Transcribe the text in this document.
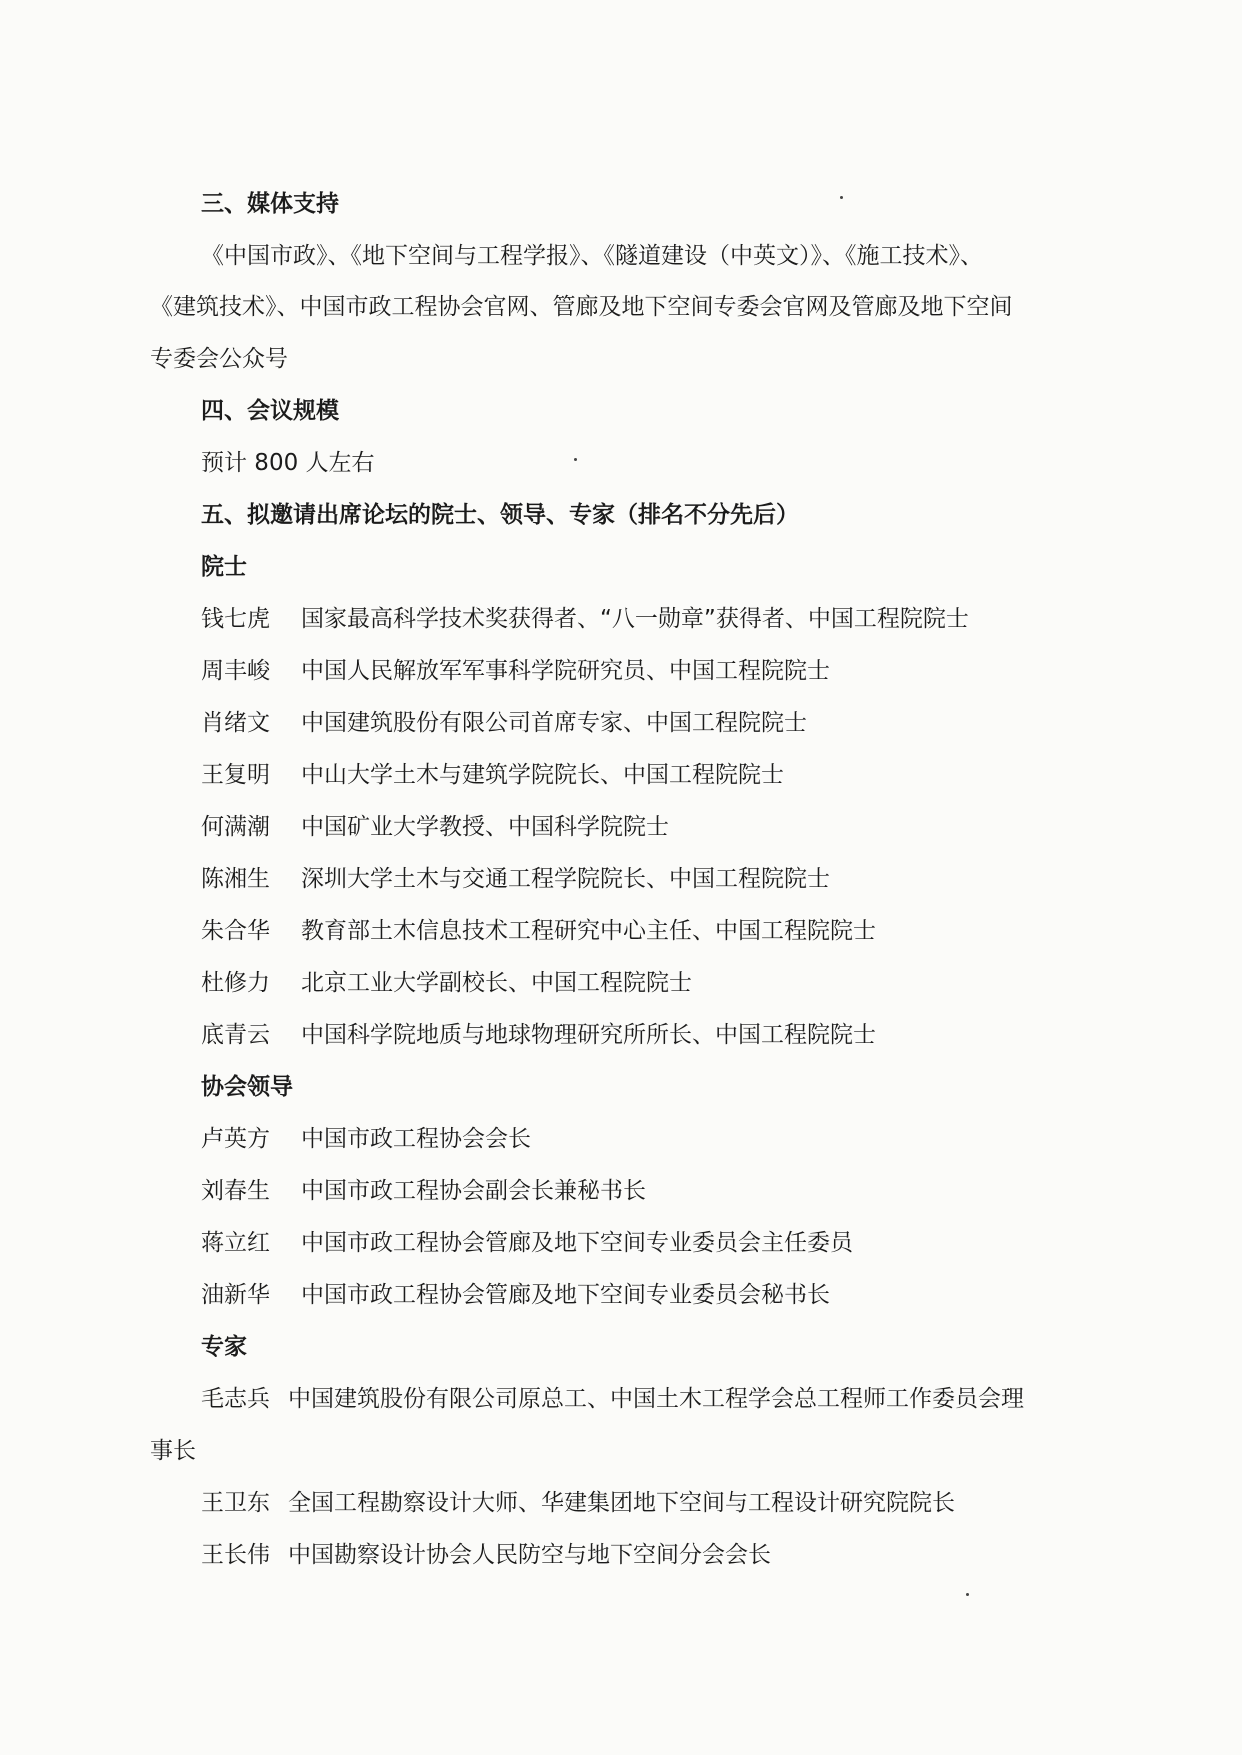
三、媒体支持
《中国市政》、《地下空间与工程学报》、《隧道建设（中英文）》、《施工技术》、
《建筑技术》、中国市政工程协会官网、管廊及地下空间专委会官网及管廊及地下空间
专委会公众号
四、会议规模
预计 800 人左右
五、拟邀请出席论坛的院士、领导、专家（排名不分先后）
院士
钱七虎 国家最高科学技术奖获得者、“八一勋章”获得者、中国工程院院士
周丰峻 中国人民解放军军事科学院研究员、中国工程院院士
肖绪文 中国建筑股份有限公司首席专家、中国工程院院士
王复明 中山大学土木与建筑学院院长、中国工程院院士
何满潮 中国矿业大学教授、中国科学院院士
陈湘生 深圳大学土木与交通工程学院院长、中国工程院院士
朱合华 教育部土木信息技术工程研究中心主任、中国工程院院士
杜修力 北京工业大学副校长、中国工程院院士
底青云 中国科学院地质与地球物理研究所所长、中国工程院院士
协会领导
卢英方 中国市政工程协会会长
刘春生 中国市政工程协会副会长兼秘书长
蒋立红 中国市政工程协会管廊及地下空间专业委员会主任委员
油新华 中国市政工程协会管廊及地下空间专业委员会秘书长
专家
毛志兵 中国建筑股份有限公司原总工、中国土木工程学会总工程师工作委员会理
事长
王卫东 全国工程勘察设计大师、华建集团地下空间与工程设计研究院院长
王长伟 中国勘察设计协会人民防空与地下空间分会会长
